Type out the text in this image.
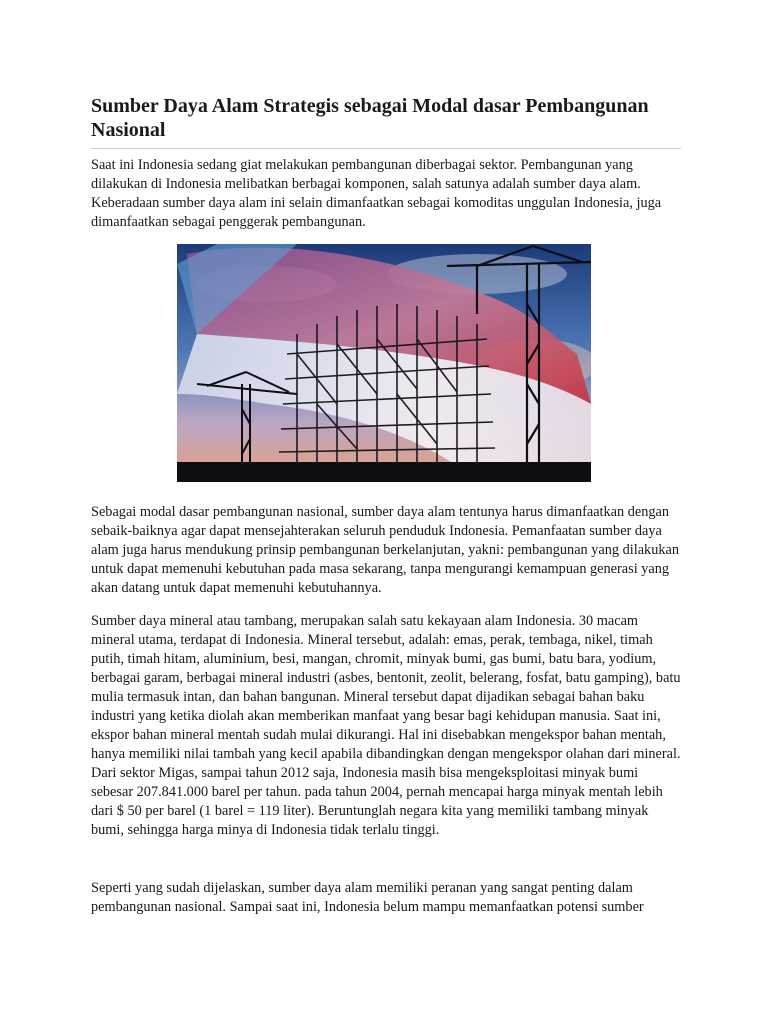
Sumber Daya Alam Strategis sebagai Modal dasar Pembangunan Nasional

Saat ini Indonesia sedang giat melakukan pembangunan diberbagai sektor. Pembangunan yang dilakukan di Indonesia melibatkan berbagai komponen, salah satunya adalah sumber daya alam. Keberadaan sumber daya alam ini selain dimanfaatkan sebagai komoditas unggulan Indonesia, juga dimanfaatkan sebagai penggerak pembangunan.

Sebagai modal dasar pembangunan nasional, sumber daya alam tentunya harus dimanfaatkan dengan sebaik-baiknya agar dapat mensejahterakan seluruh penduduk Indonesia. Pemanfaatan sumber daya alam juga harus mendukung prinsip pembangunan berkelanjutan, yakni: pembangunan yang dilakukan untuk dapat memenuhi kebutuhan pada masa sekarang, tanpa mengurangi kemampuan generasi yang akan datang untuk dapat memenuhi kebutuhannya.

Sumber daya mineral atau tambang, merupakan salah satu kekayaan alam Indonesia. 30 macam mineral utama, terdapat di Indonesia. Mineral tersebut, adalah: emas, perak, tembaga, nikel, timah putih, timah hitam, aluminium, besi, mangan, chromit, minyak bumi, gas bumi, batu bara, yodium, berbagai garam, berbagai mineral industri (asbes, bentonit, zeolit, belerang, fosfat, batu gamping), batu mulia termasuk intan, dan bahan bangunan. Mineral tersebut dapat dijadikan sebagai bahan baku industri yang ketika diolah akan memberikan manfaat yang besar bagi kehidupan manusia. Saat ini, ekspor bahan mineral mentah sudah mulai dikurangi. Hal ini disebabkan mengekspor bahan mentah, hanya memiliki nilai tambah yang kecil apabila dibandingkan dengan mengekspor olahan dari mineral. Dari sektor Migas, sampai tahun 2012 saja, Indonesia masih bisa mengeksploitasi minyak bumi sebesar 207.841.000 barel per tahun. pada tahun 2004, pernah mencapai harga minyak mentah lebih dari $ 50 per barel (1 barel = 119 liter). Beruntunglah negara kita yang memiliki tambang minyak bumi, sehingga harga minya di Indonesia tidak terlalu tinggi.

Seperti yang sudah dijelaskan, sumber daya alam memiliki peranan yang sangat penting dalam pembangunan nasional. Sampai saat ini, Indonesia belum mampu memanfaatkan potensi sumber
